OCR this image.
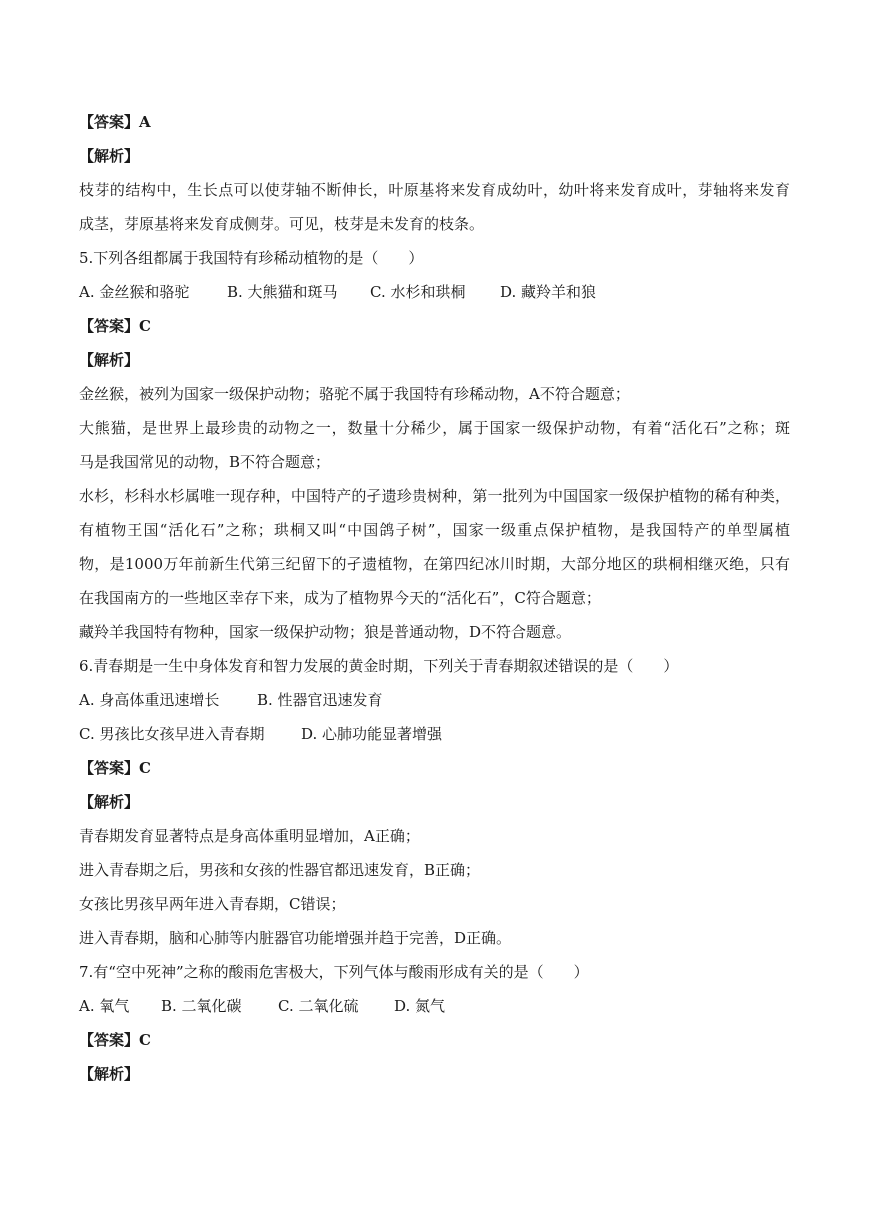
【答案】A
【解析】
枝芽的结构中，生长点可以使芽轴不断伸长，叶原基将来发育成幼叶，幼叶将来发育成叶，芽轴将来发育
成茎，芽原基将来发育成侧芽。可见，枝芽是未发育的枝条。
5.下列各组都属于我国特有珍稀动植物的是（　　）
A. 金丝猴和骆驼	B. 大熊猫和斑马 C. 水杉和珙桐 D. 藏羚羊和狼
【答案】C
【解析】
金丝猴，被列为国家一级保护动物；骆驼不属于我国特有珍稀动物，A不符合题意；
大熊猫，是世界上最珍贵的动物之一，数量十分稀少，属于国家一级保护动物，有着“活化石”之称；斑
马是我国常见的动物，B不符合题意；
水杉，杉科水杉属唯一现存种，中国特产的孑遗珍贵树种，第一批列为中国国家一级保护植物的稀有种类，
有植物王国“活化石”之称；珙桐又叫“中国鸽子树”，国家一级重点保护植物，是我国特产的单型属植
物，是1000万年前新生代第三纪留下的孑遗植物，在第四纪冰川时期，大部分地区的珙桐相继灭绝，只有
在我国南方的一些地区幸存下来，成为了植物界今天的“活化石”，C符合题意；
藏羚羊我国特有物种，国家一级保护动物；狼是普通动物，D不符合题意。
6.青春期是一生中身体发育和智力发展的黄金时期，下列关于青春期叙述错误的是（　　）
A. 身高体重迅速增长	B. 性器官迅速发育
C. 男孩比女孩早进入青春期 D. 心肺功能显著增强
【答案】C
【解析】
青春期发育显著特点是身高体重明显增加，A正确；
进入青春期之后，男孩和女孩的性器官都迅速发育，B正确；
女孩比男孩早两年进入青春期，C错误；
进入青春期，脑和心肺等内脏器官功能增强并趋于完善，D正确。
7.有“空中死神”之称的酸雨危害极大，下列气体与酸雨形成有关的是（　　）
A. 氧气 B. 二氧化碳 C. 二氧化硫 D. 氮气
【答案】C
【解析】
